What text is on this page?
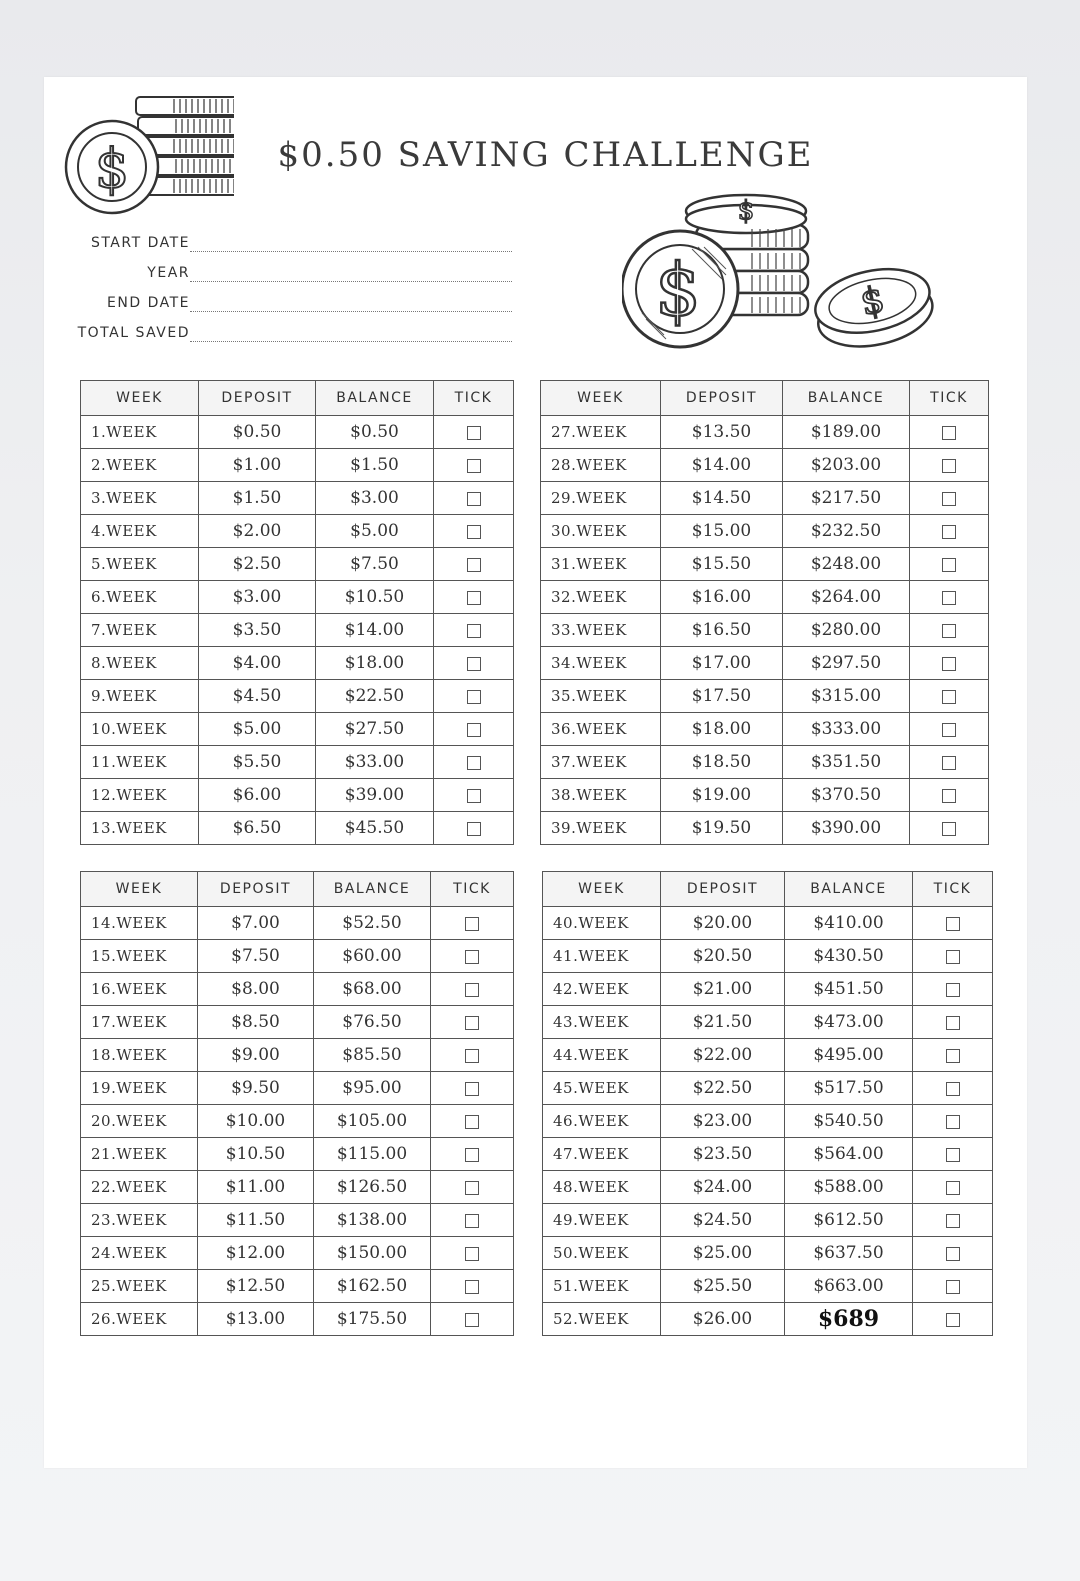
$	$0.50 SAVING CHALLENGE
$
$	$
START DATE
YEAR
END DATE
TOTAL SAVED
WEEK	DEPOSIT	BALANCE	TICK
1.WEEK	$0.50	$0.50	
2.WEEK	$1.00	$1.50	
3.WEEK	$1.50	$3.00	
4.WEEK	$2.00	$5.00	
5.WEEK	$2.50	$7.50	
6.WEEK	$3.00	$10.50	
7.WEEK	$3.50	$14.00	
8.WEEK	$4.00	$18.00	
9.WEEK	$4.50	$22.50	
10.WEEK	$5.00	$27.50	
11.WEEK	$5.50	$33.00	
12.WEEK	$6.00	$39.00	
13.WEEK	$6.50	$45.50	
WEEK	DEPOSIT	BALANCE	TICK
27.WEEK	$13.50	$189.00	
28.WEEK	$14.00	$203.00	
29.WEEK	$14.50	$217.50	
30.WEEK	$15.00	$232.50	
31.WEEK	$15.50	$248.00	
32.WEEK	$16.00	$264.00	
33.WEEK	$16.50	$280.00	
34.WEEK	$17.00	$297.50	
35.WEEK	$17.50	$315.00	
36.WEEK	$18.00	$333.00	
37.WEEK	$18.50	$351.50	
38.WEEK	$19.00	$370.50	
39.WEEK	$19.50	$390.00	
WEEK	DEPOSIT	BALANCE	TICK
14.WEEK	$7.00	$52.50	
15.WEEK	$7.50	$60.00	
16.WEEK	$8.00	$68.00	
17.WEEK	$8.50	$76.50	
18.WEEK	$9.00	$85.50	
19.WEEK	$9.50	$95.00	
20.WEEK	$10.00	$105.00	
21.WEEK	$10.50	$115.00	
22.WEEK	$11.00	$126.50	
23.WEEK	$11.50	$138.00	
24.WEEK	$12.00	$150.00	
25.WEEK	$12.50	$162.50	
26.WEEK	$13.00	$175.50	
WEEK	DEPOSIT	BALANCE	TICK
40.WEEK	$20.00	$410.00	
41.WEEK	$20.50	$430.50	
42.WEEK	$21.00	$451.50	
43.WEEK	$21.50	$473.00	
44.WEEK	$22.00	$495.00	
45.WEEK	$22.50	$517.50	
46.WEEK	$23.00	$540.50	
47.WEEK	$23.50	$564.00	
48.WEEK	$24.00	$588.00	
49.WEEK	$24.50	$612.50	
50.WEEK	$25.00	$637.50	
51.WEEK	$25.50	$663.00	
52.WEEK	$26.00	$689	
